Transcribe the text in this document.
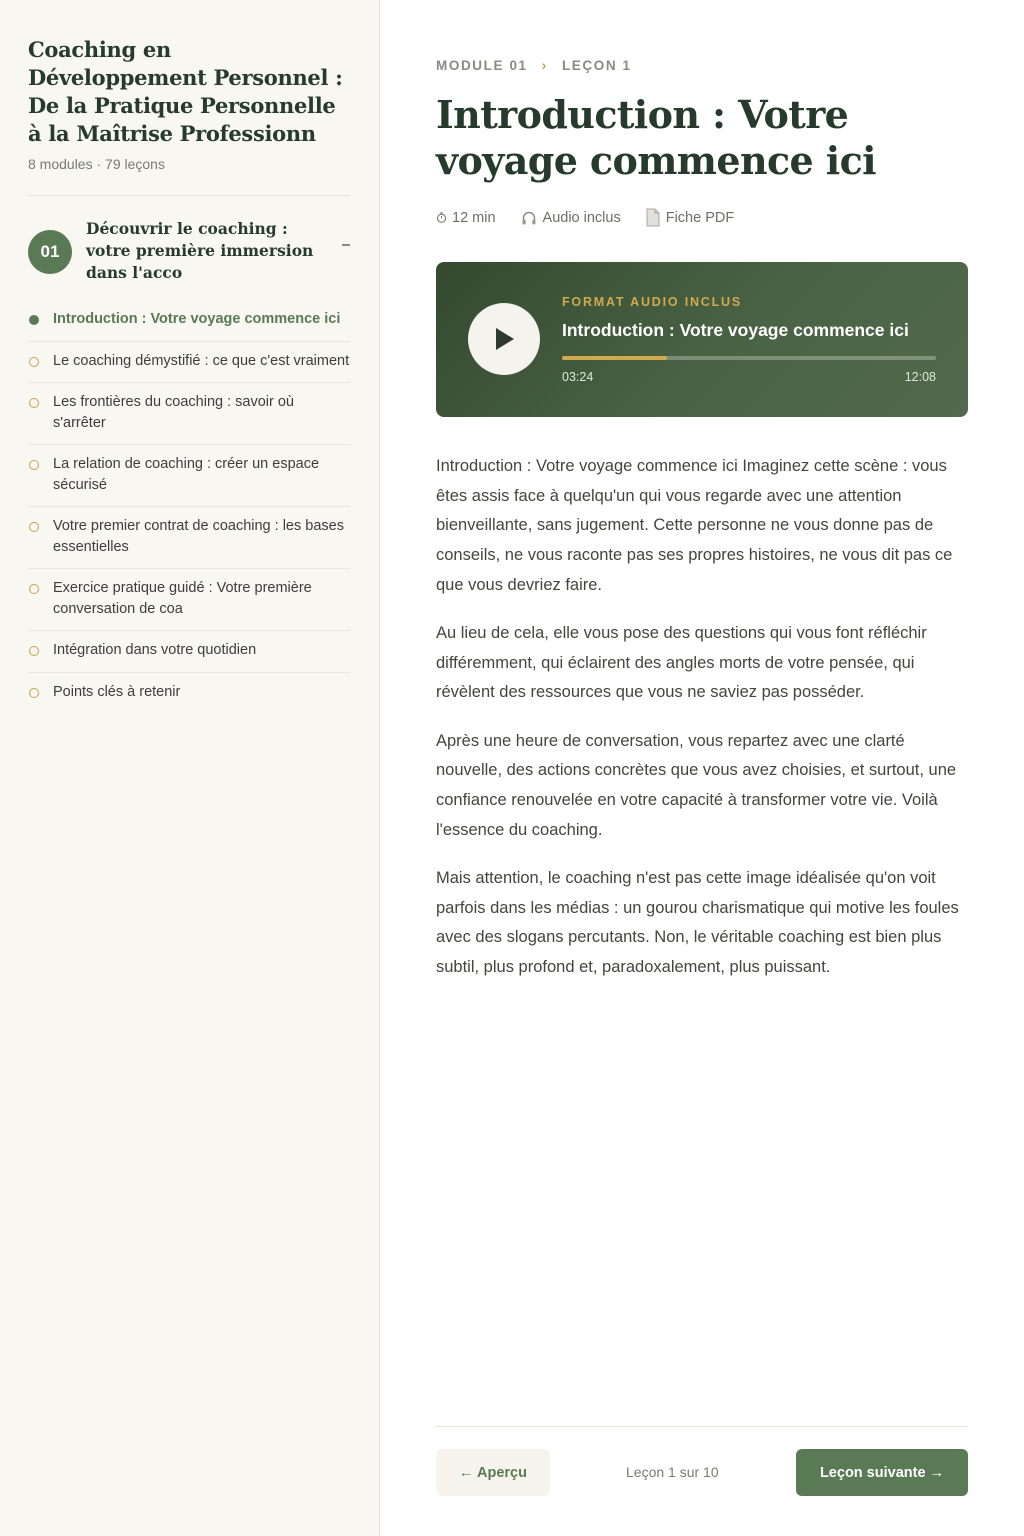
Coaching en Développement Personnel : De la Pratique Personnelle à la Maîtrise Professionn
8 modules · 79 leçons
01
Découvrir le coaching : votre première immersion dans l'acco
Introduction : Votre voyage commence ici
Le coaching démystifié : ce que c'est vraiment
Les frontières du coaching : savoir où s'arrêter
La relation de coaching : créer un espace sécurisé
Votre premier contrat de coaching : les bases essentielles
Exercice pratique guidé : Votre première conversation de coa
Intégration dans votre quotidien
Points clés à retenir
MODULE 01 › LEÇON 1
Introduction : Votre voyage commence ici
12 min	Audio inclus	Fiche PDF
FORMAT AUDIO INCLUS
Introduction : Votre voyage commence ici
03:24	12:08

Introduction : Votre voyage commence ici Imaginez cette scène : vous êtes assis face à quelqu'un qui vous regarde avec une attention bienveillante, sans jugement. Cette personne ne vous donne pas de conseils, ne vous raconte pas ses propres histoires, ne vous dit pas ce que vous devriez faire.

Au lieu de cela, elle vous pose des questions qui vous font réfléchir différemment, qui éclairent des angles morts de votre pensée, qui révèlent des ressources que vous ne saviez pas posséder.

Après une heure de conversation, vous repartez avec une clarté nouvelle, des actions concrètes que vous avez choisies, et surtout, une confiance renouvelée en votre capacité à transformer votre vie. Voilà l'essence du coaching.

Mais attention, le coaching n'est pas cette image idéalisée qu'on voit parfois dans les médias : un gourou charismatique qui motive les foules avec des slogans percutants. Non, le véritable coaching est bien plus subtil, plus profond et, paradoxalement, plus puissant.

← Aperçu	Leçon 1 sur 10	Leçon suivante →
